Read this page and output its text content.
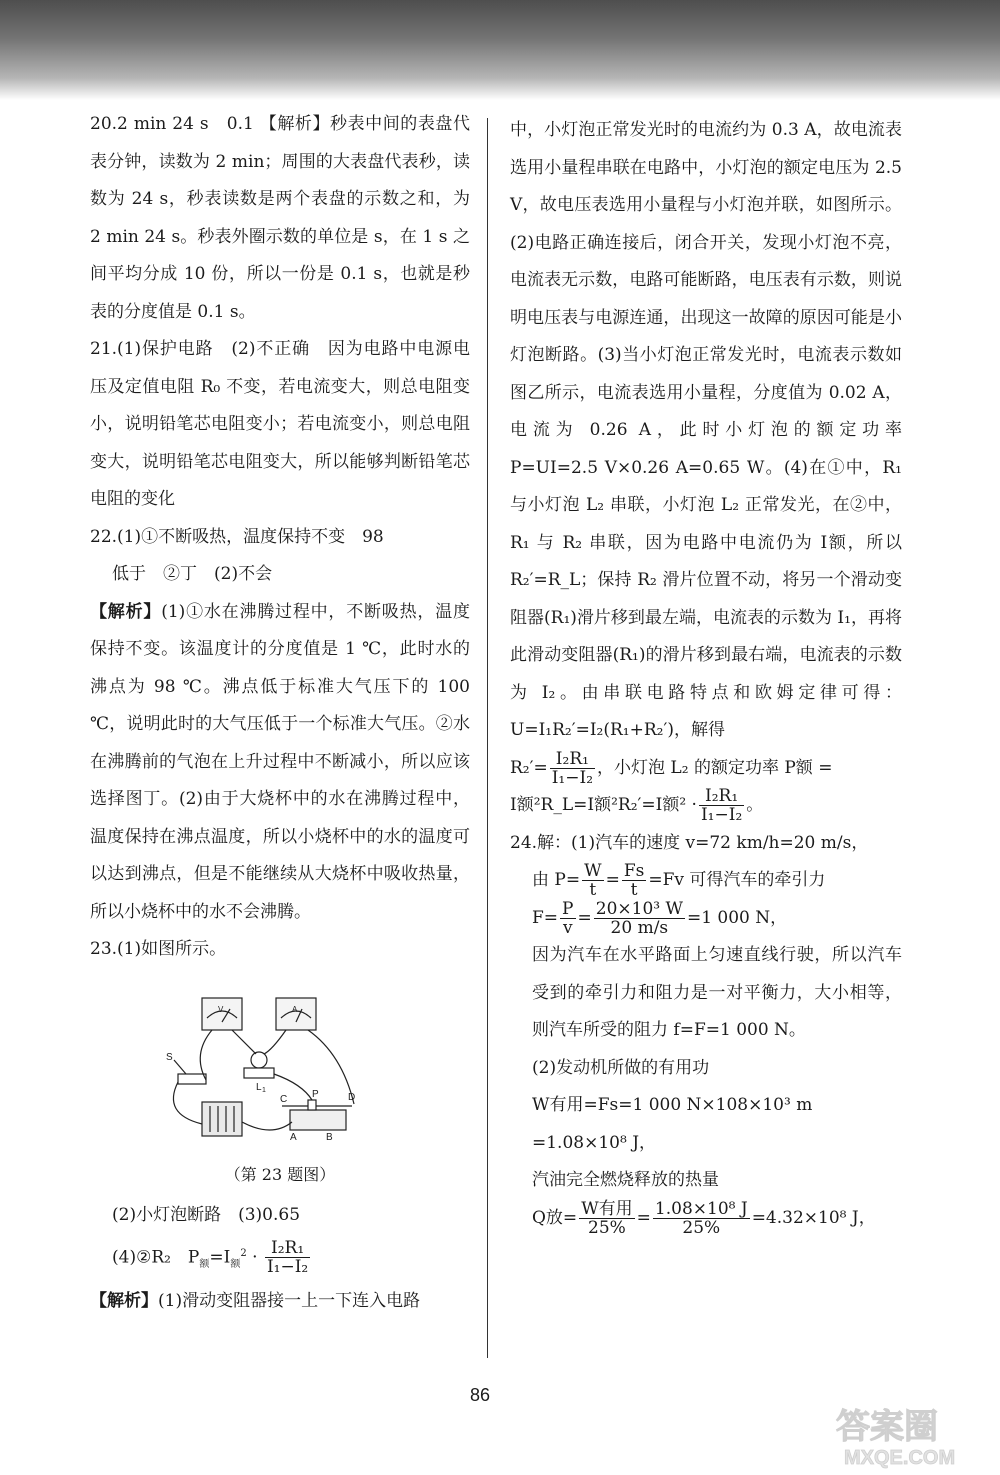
20.2 min 24 s　0.1 【解析】秒表中间的表盘代表分钟，读数为 2 min；周围的大表盘代表秒，读数为 24 s，秒表读数是两个表盘的示数之和，为 2 min 24 s。秒表外圈示数的单位是 s，在 1 s 之间平均分成 10 份，所以一份是 0.1 s，也就是秒表的分度值是 0.1 s。

21.(1)保护电路　(2)不正确　因为电路中电源电压及定值电阻 R₀ 不变，若电流变大，则总电阻变小，说明铅笔芯电阻变小；若电流变小，则总电阻变大，说明铅笔芯电阻变大，所以能够判断铅笔芯电阻的变化

22.(1)①不断吸热，温度保持不变　98

低于　②丁　(2)不会

【解析】(1)①水在沸腾过程中，不断吸热，温度保持不变。该温度计的分度值是 1 ℃，此时水的沸点为 98 ℃。沸点低于标准大气压下的 100 ℃，说明此时的大气压低于一个标准大气压。②水在沸腾前的气泡在上升过程中不断减小，所以应该选择图丁。(2)由于大烧杯中的水在沸腾过程中，温度保持在沸点温度，所以小烧杯中的水的温度可以达到沸点，但是不能继续从大烧杯中吸收热量，所以小烧杯中的水不会沸腾。

23.(1)如图所示。

S
L 1
C P	D
A	B
V	A
（第 23 题图）

(2)小灯泡断路　(3)0.65

(4)②R₂　$P_额=I_额^2 \cdot \frac{\text{I₂R₁}}{\text{I₁−I₂}}$

【解析】(1)滑动变阻器接一上一下连入电路

中，小灯泡正常发光时的电流约为 0.3 A，故电流表选用小量程串联在电路中，小灯泡的额定电压为 2.5 V，故电压表选用小量程与小灯泡并联，如图所示。(2)电路正确连接后，闭合开关，发现小灯泡不亮，电流表无示数，电路可能断路，电压表有示数，则说明电压表与电源连通，出现这一故障的原因可能是小灯泡断路。(3)当小灯泡正常发光时，电流表示数如图乙所示，电流表选用小量程，分度值为 0.02 A，电流为 0.26 A，此时小灯泡的额定功率 P=UI=2.5 V×0.26 A=0.65 W。(4)在①中，R₁ 与小灯泡 L₂ 串联，小灯泡 L₂ 正常发光，在②中，R₁ 与 R₂ 串联，因为电路中电流仍为 I额，所以 R₂′=R_L；保持 R₂ 滑片位置不动，将另一个滑动变阻器(R₁)滑片移到最左端，电流表的示数为 I₁，再将此滑动变阻器(R₁)的滑片移到最右端，电流表的示数为 I₂。由串联电路特点和欧姆定律可得：U=I₁R₂′=I₂(R₁+R₂′)，解得

$R_2'= \frac{\text{I₂R₁}}{\text{I₁−I₂}}$ ，小灯泡 L₂ 的额定功率 P额 =

I额²R_L=I额²R₂′=I额$^2 \cdot \frac{\text{I₂R₁}}{\text{I₁−I₂}}$ 。

24.解：(1)汽车的速度 v=72 km/h=20 m/s，

由 $P= \frac{W}{t} = \frac{Fs}{t} =Fv$ 可得汽车的牵引力

$F= \frac{P}{v} = \frac{\text{20×10³ W}}{20 m/s} =1$ 000 N，

因为汽车在水平路面上匀速直线行驶，所以汽车受到的牵引力和阻力是一对平衡力，大小相等，则汽车所受的阻力 f=F=1 000 N。

(2)发动机所做的有用功

W有用=Fs=1 000 N×108×10³ m

=1.08×10⁸ J，

汽油完全燃烧释放的热量

Q放= W有用
$25\% = \frac{\text{1.08×10⁸ J}}{25\%} =4.32\times 10^8$ J，

86
答案圈
MXQE.COM
